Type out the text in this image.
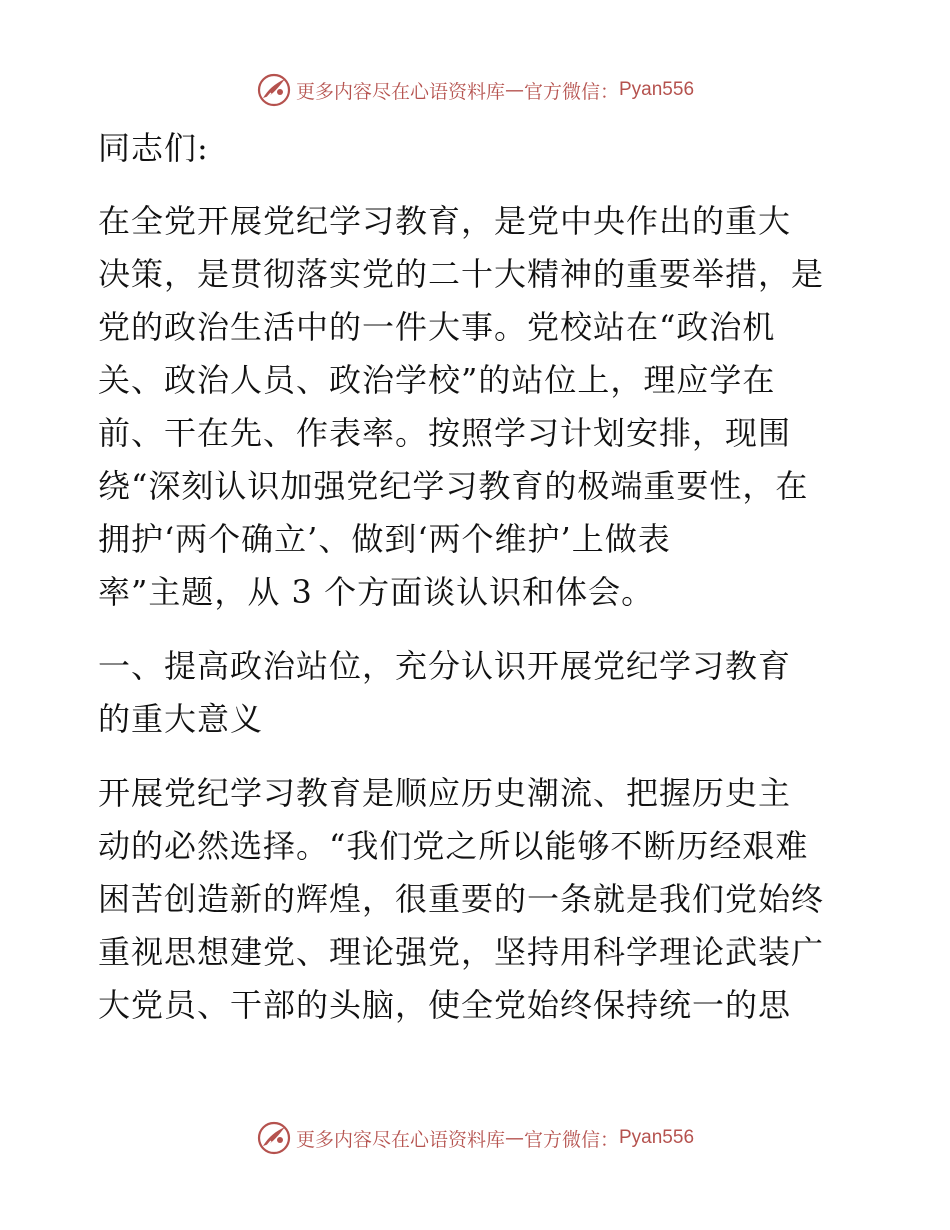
更多内容尽在心语资料库 — 官方微信： Pyan556

同志们:

在全党开展党纪学习教育，是党中央作出的重大
决策，是贯彻落实党的二十大精神的重要举措，是
党的政治生活中的一件大事。党校站在“政治机
关、政治人员、政治学校”的站位上，理应学在
前、干在先、作表率。按照学习计划安排，现围
绕“深刻认识加强党纪学习教育的极端重要性，在
拥护‘两个确立’、做到‘两个维护’上做表
率”主题，从 3 个方面谈认识和体会。

一、提高政治站位，充分认识开展党纪学习教育
的重大意义

开展党纪学习教育是顺应历史潮流、把握历史主
动的必然选择。“我们党之所以能够不断历经艰难
困苦创造新的辉煌，很重要的一条就是我们党始终
重视思想建党、理论强党，坚持用科学理论武装广
大党员、干部的头脑，使全党始终保持统一的思

更多内容尽在心语资料库 — 官方微信： Pyan556
